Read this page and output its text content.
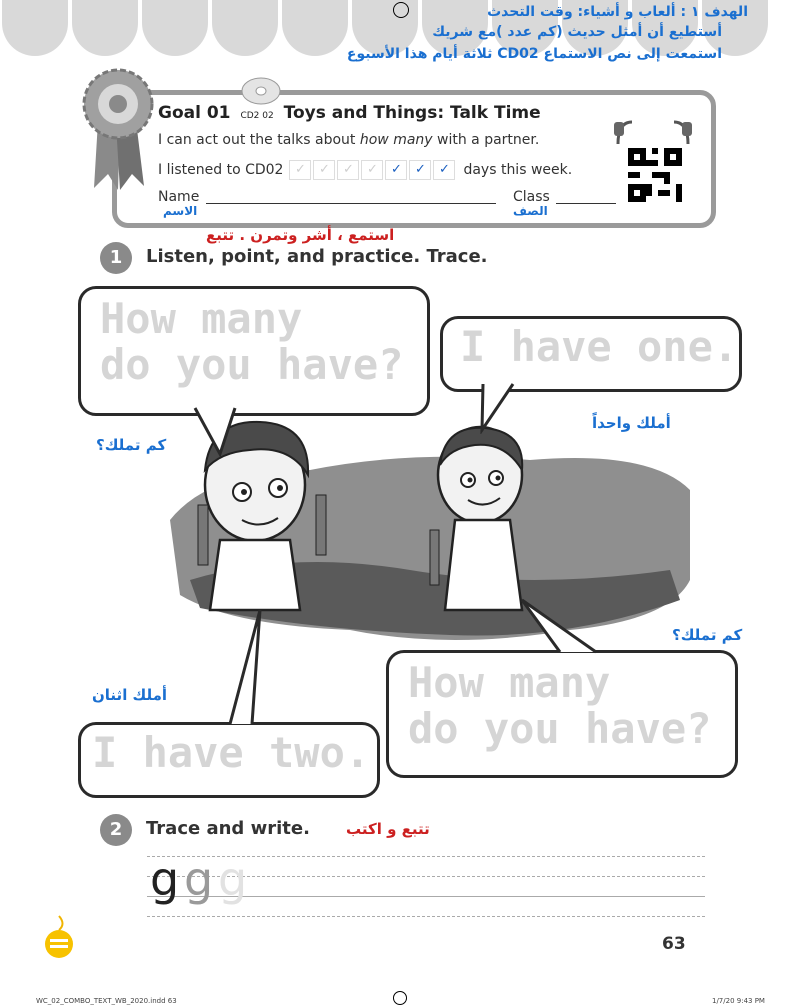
الهدف ١ : ألعاب و أشياء: وقت التحدث
أستطيع أن أمثل حديث (كم عدد )مع شريك
استمعت إلى نص الاستماع CD02 ثلاثة أيام هذا الأسبوع
Goal 01 CD2 02 Toys and Things: Talk Time
I can act out the talks about how many with a partner.
I listened to CD02 ✓	✓	✓	✓	✓	✓	✓ days this week.
Name	Class
الاسم	الصف
1	Listen, point, and practice. Trace.
استمع ، أشر وتمرن . تتبع
How many
do you have? I have one.
I have two.
How many
do you have?
كم تملك؟
أملك واحداً
كم تملك؟
أملك اثنان
2	Trace and write. تتبع و اكتب
g g g
63
WC_02_COMBO_TEXT_WB_2020.indd 63	1/7/20 9:43 PM
